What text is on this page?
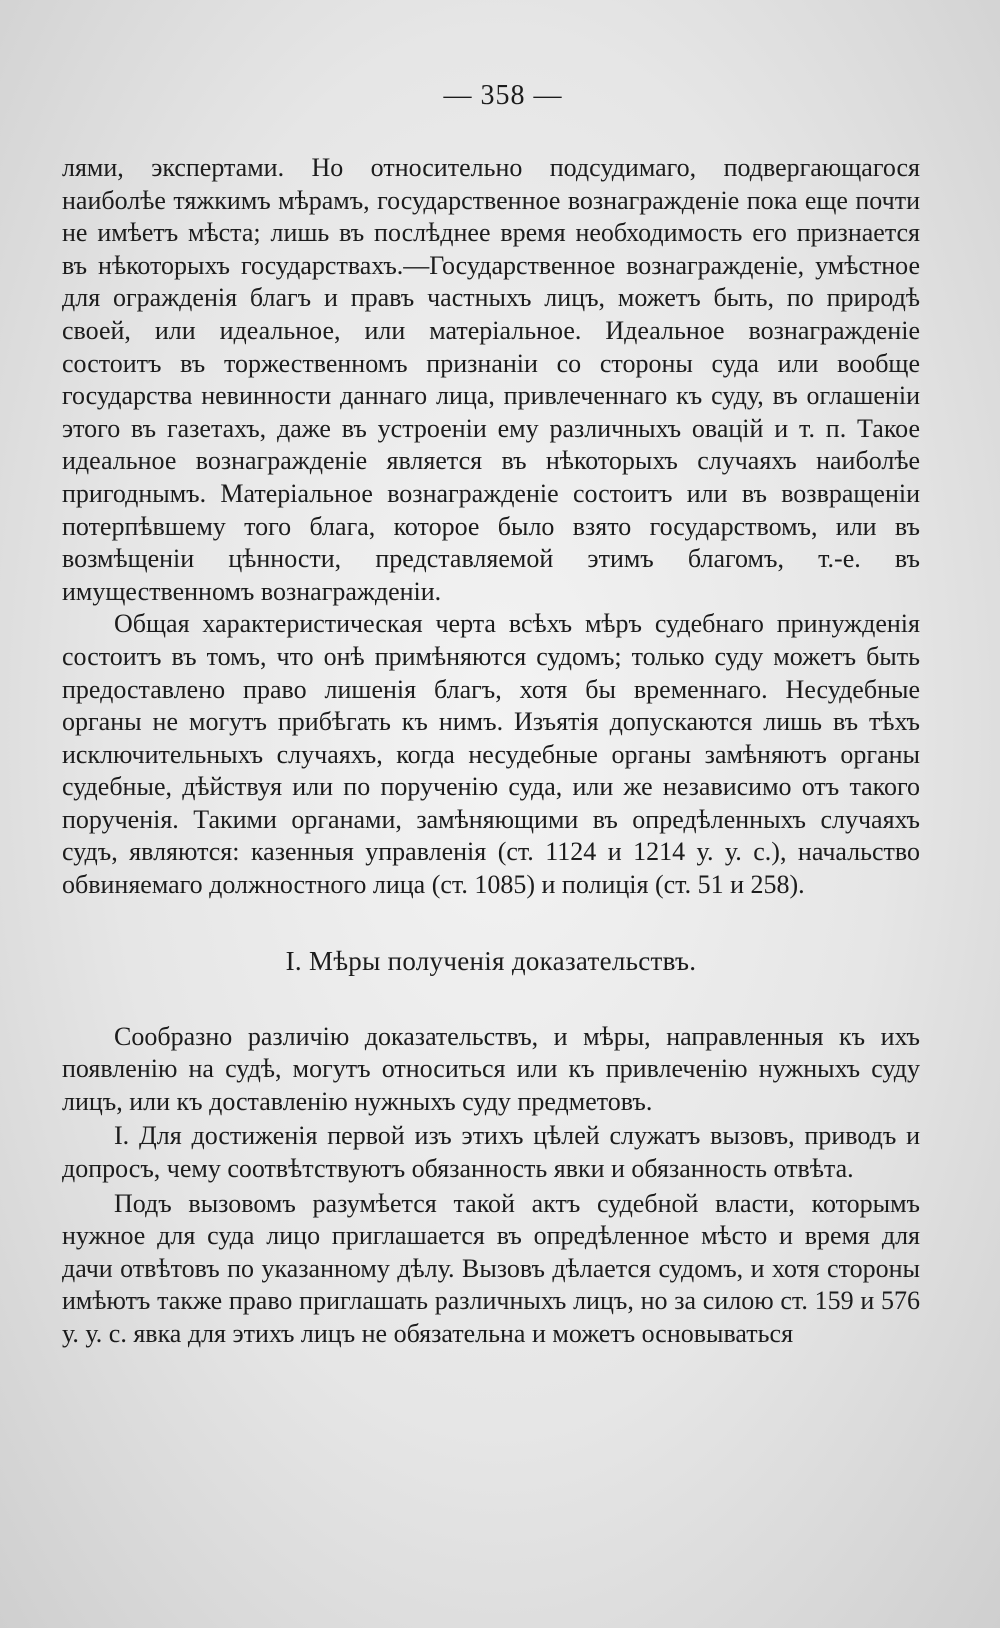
— 358 —

лями, экспертами. Но относительно подсудимаго, подвергающагося наиболѣе тяжкимъ мѣрамъ, государственное вознагражденіе пока еще почти не имѣетъ мѣста; лишь въ послѣднее время необходимость его признается въ нѣкоторыхъ государствахъ.—Государственное вознагражденіе, умѣстное для огражденія благъ и правъ частныхъ лицъ, можетъ быть, по природѣ своей, или идеальное, или матеріальное. Идеальное вознагражденіе состоитъ въ торжественномъ признаніи со стороны суда или вообще государства невинности даннаго лица, привлеченнаго къ суду, въ оглашеніи этого въ газетахъ, даже въ устроеніи ему различныхъ овацій и т. п. Такое идеальное вознагражденіе является въ нѣкоторыхъ случаяхъ наиболѣе пригоднымъ. Матеріальное вознагражденіе состоитъ или въ возвращеніи потерпѣвшему того блага, которое было взято государствомъ, или въ возмѣщеніи цѣнности, представляемой этимъ благомъ, т.-е. въ имущественномъ вознагражденіи.

Общая характеристическая черта всѣхъ мѣръ судебнаго принужденія состоитъ въ томъ, что онѣ примѣняются судомъ; только суду можетъ быть предоставлено право лишенія благъ, хотя бы временнаго. Несудебные органы не могутъ прибѣгать къ нимъ. Изъятія допускаются лишь въ тѣхъ исключительныхъ случаяхъ, когда несудебные органы замѣняютъ органы судебные, дѣйствуя или по порученію суда, или же независимо отъ такого порученія. Такими органами, замѣняющими въ опредѣленныхъ случаяхъ судъ, являются: казенныя управленія (ст. 1124 и 1214 у. у. с.), начальство обвиняемаго должностного лица (ст. 1085) и полиція (ст. 51 и 258).

I. Мѣры полученія доказательствъ.

Сообразно различію доказательствъ, и мѣры, направленныя къ ихъ появленію на судѣ, могутъ относиться или къ привлеченію нужныхъ суду лицъ, или къ доставленію нужныхъ суду предметовъ.

I. Для достиженія первой изъ этихъ цѣлей служатъ вызовъ, приводъ и допросъ, чему соотвѣтствуютъ обязанность явки и обязанность отвѣта.

Подъ вызовомъ разумѣется такой актъ судебной власти, которымъ нужное для суда лицо приглашается въ опредѣленное мѣсто и время для дачи отвѣтовъ по указанному дѣлу. Вызовъ дѣлается судомъ, и хотя стороны имѣютъ также право приглашать различныхъ лицъ, но за силою ст. 159 и 576 у. у. с. явка для этихъ лицъ не обязательна и можетъ основываться
